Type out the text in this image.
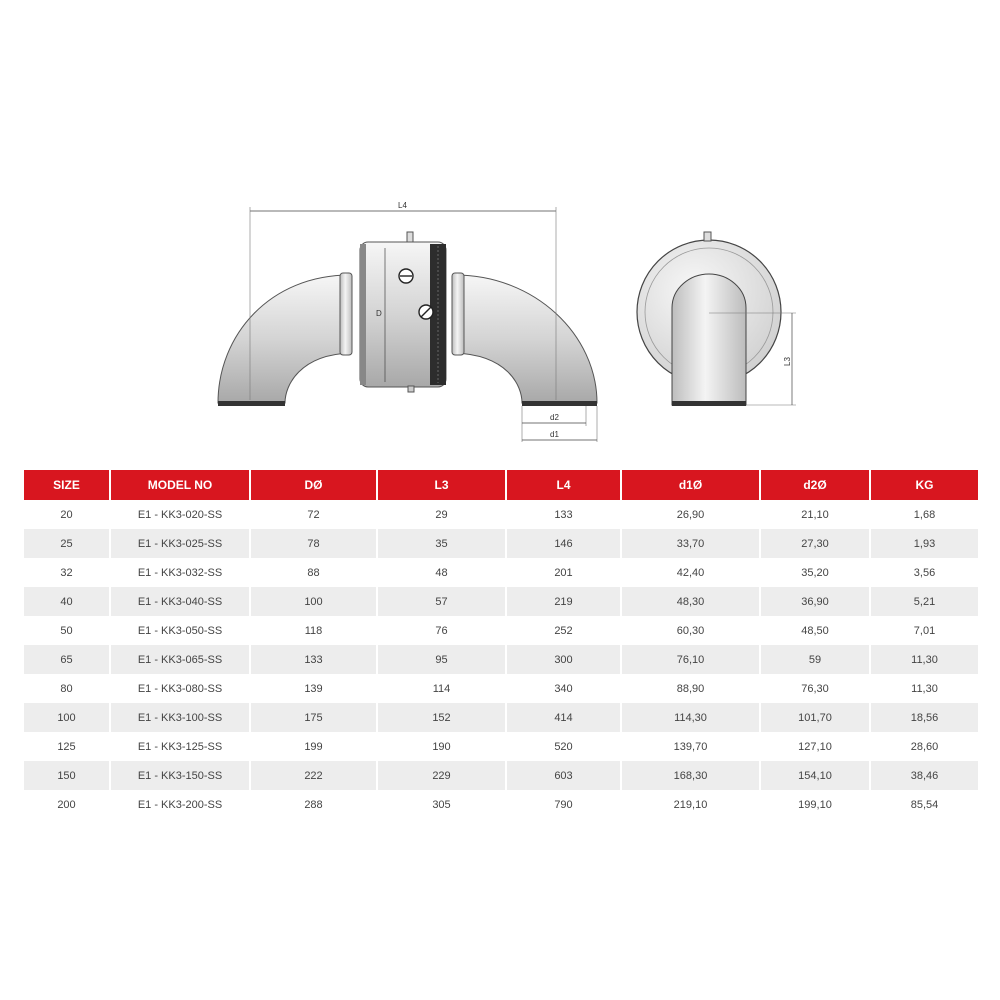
L4
D
d2
d1
L3
SIZE	MODEL NO	DØ	L3	L4	d1Ø	d2Ø	KG
20	E1 - KK3-020-SS	72	29	133	26,90	21,10	1,68
25	E1 - KK3-025-SS	78	35	146	33,70	27,30	1,93
32	E1 - KK3-032-SS	88	48	201	42,40	35,20	3,56
40	E1 - KK3-040-SS	100	57	219	48,30	36,90	5,21
50	E1 - KK3-050-SS	118	76	252	60,30	48,50	7,01
65	E1 - KK3-065-SS	133	95	300	76,10	59	11,30
80	E1 - KK3-080-SS	139	114	340	88,90	76,30	11,30
100	E1 - KK3-100-SS	175	152	414	114,30	101,70	18,56
125	E1 - KK3-125-SS	199	190	520	139,70	127,10	28,60
150	E1 - KK3-150-SS	222	229	603	168,30	154,10	38,46
200	E1 - KK3-200-SS	288	305	790	219,10	199,10	85,54
